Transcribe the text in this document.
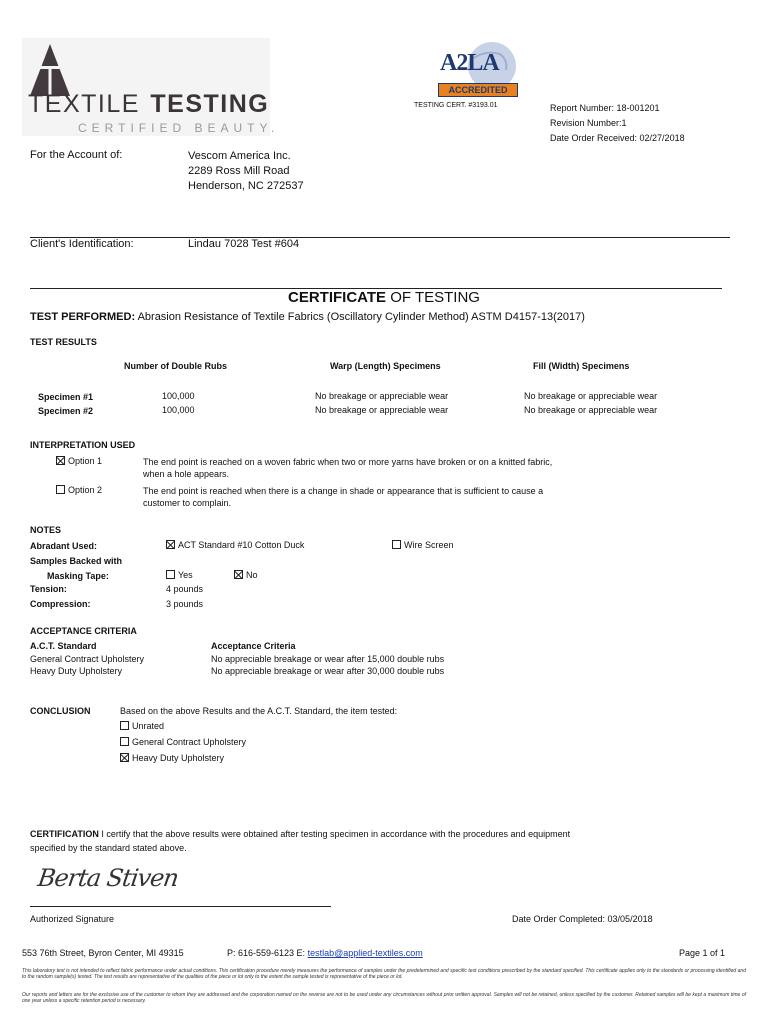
TEXTILE TESTING
CERTIFIED BEAUTY.
A2LA
ACCREDITED
TESTING CERT. #3193.01	Report Number: 18-001201
Revision Number:1
Date Order Received: 02/27/2018
For the Account of:	Vescom America Inc.
2289 Ross Mill Road
Henderson, NC 272537
Client's Identification:	Lindau 7028 Test #604
CERTIFICATE OF TESTING
TEST PERFORMED: Abrasion Resistance of Textile Fabrics (Oscillatory Cylinder Method) ASTM D4157-13(2017)
TEST RESULTS
Number of Double Rubs	Warp (Length) Specimens	Fill (Width) Specimens
Specimen #1	100,000	No breakage or appreciable wear	No breakage or appreciable wear
Specimen #2	100,000	No breakage or appreciable wear	No breakage or appreciable wear
INTERPRETATION USED
Option 1	The end point is reached on a woven fabric when two or more yarns have broken or on a knitted fabric,
when a hole appears.
Option 2	The end point is reached when there is a change in shade or appearance that is sufficient to cause a
customer to complain.
NOTES
Abradant Used:	ACT Standard #10 Cotton Duck	Wire Screen
Samples Backed with
Masking Tape:	Yes	No
Tension:	4 pounds
Compression:	3 pounds
ACCEPTANCE CRITERIA
A.C.T. Standard	Acceptance Criteria
General Contract Upholstery	No appreciable breakage or wear after 15,000 double rubs
Heavy Duty Upholstery	No appreciable breakage or wear after 30,000 double rubs
CONCLUSION	Based on the above Results and the A.C.T. Standard, the item tested:
Unrated
General Contract Upholstery
Heavy Duty Upholstery
CERTIFICATION I certify that the above results were obtained after testing specimen in accordance with the procedures and equipment
specified by the standard stated above.
Berta Stiven
Authorized Signature	Date Order Completed: 03/05/2018
553 76th Street, Byron Center, MI 49315	P: 616-559-6123 E: testlab@applied-textiles.com	Page 1 of 1
This laboratory test is not intended to reflect fabric performance under actual conditions. This certification procedure merely measures the performance of samples under the predetermined and specific test conditions prescribed by the standard specified. This certificate applies only to the standards or processing identified and to the random sample(s) tested. The test results are representative of the qualities of the piece or lot only to the extent the sample tested is representative of the piece or lot.
Our reports and letters are for the exclusive use of the customer to whom they are addressed and the corporation named on the reverse are not to be used under any circumstances without prior written approval. Samples will not be retained, unless specified by the customer. Retained samples will be kept a maximum time of one year unless a specific retention period is necessary.
